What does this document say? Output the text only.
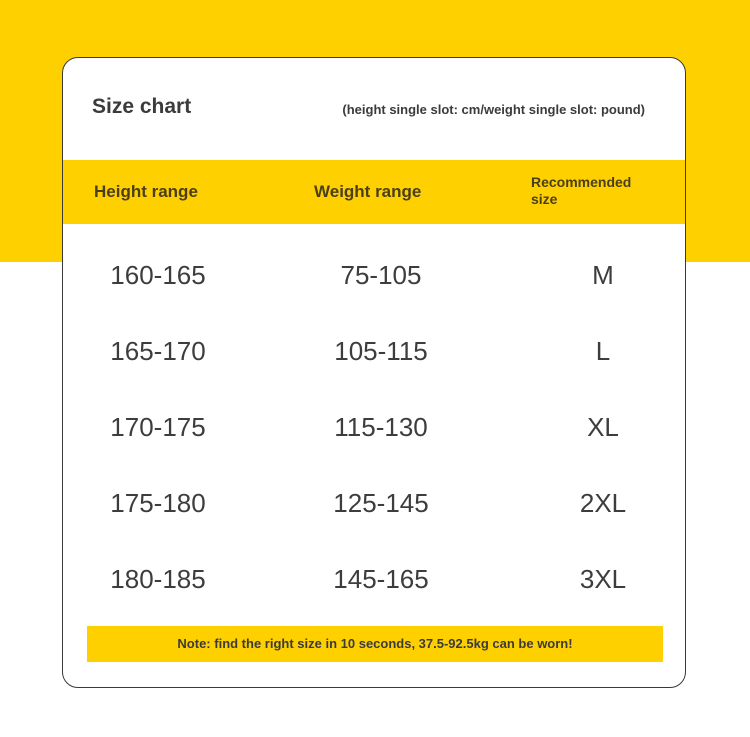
Size chart	(height single slot: cm/weight single slot: pound)
Height range	Weight range	Recommended size
160-165	75-105	M
165-170	105-115	L
170-175	115-130	XL
175-180	125-145	2XL
180-185	145-165	3XL
Note: find the right size in 10 seconds, 37.5-92.5kg can be worn!
